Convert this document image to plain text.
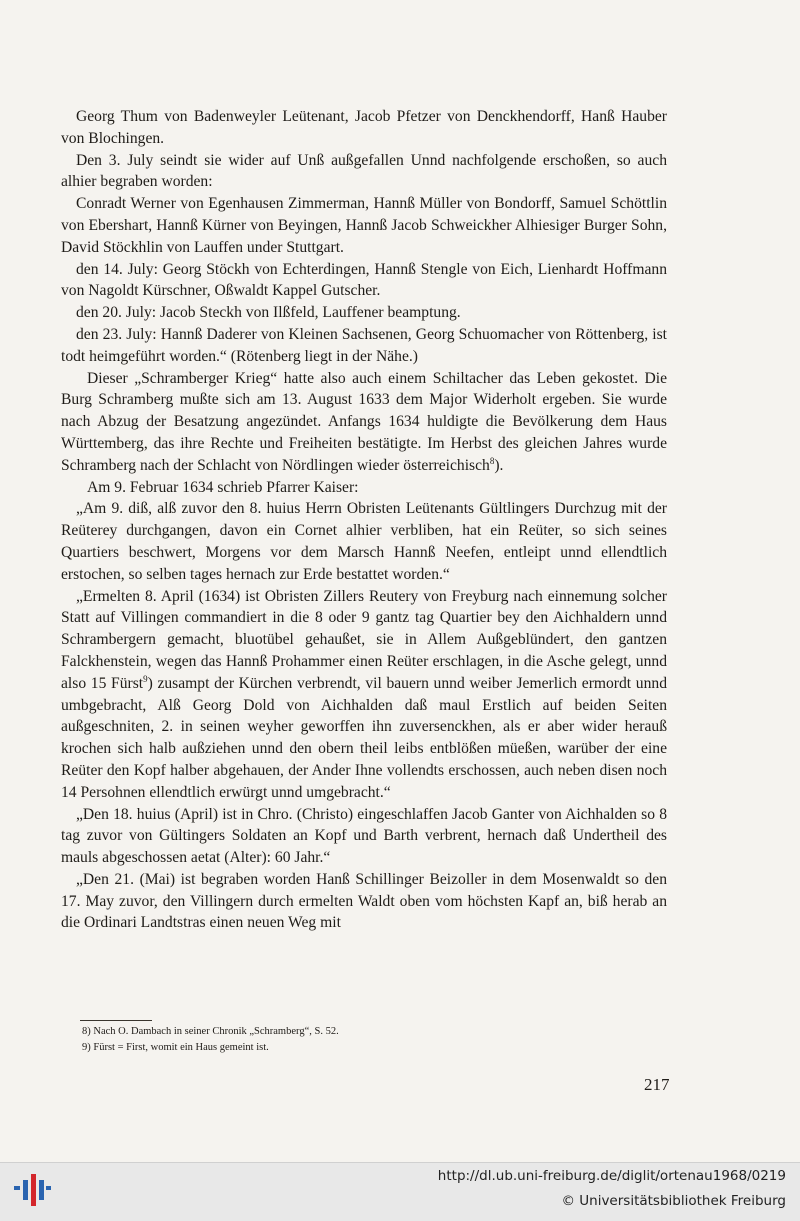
Georg Thum von Badenweyler Leütenant, Jacob Pfetzer von Denckhendorff, Hanß Hauber von Blochingen.

Den 3. July seindt sie wider auf Unß außgefallen Unnd nachfolgende erschoßen, so auch alhier begraben worden:

Conradt Werner von Egenhausen Zimmerman, Hannß Müller von Bondorff, Samuel Schöttlin von Ebershart, Hannß Kürner von Beyingen, Hannß Jacob Schweickher Alhiesiger Burger Sohn, David Stöckhlin von Lauffen under Stuttgart.

den 14. July: Georg Stöckh von Echterdingen, Hannß Stengle von Eich, Lienhardt Hoffmann von Nagoldt Kürschner, Oßwaldt Kappel Gutscher.

den 20. July: Jacob Steckh von Ilßfeld, Lauffener beamptung.

den 23. July: Hannß Daderer von Kleinen Sachsenen, Georg Schuomacher von Röttenberg, ist todt heimgeführt worden.“ (Rötenberg liegt in der Nähe.)

Dieser „Schramberger Krieg“ hatte also auch einem Schiltacher das Leben gekostet. Die Burg Schramberg mußte sich am 13. August 1633 dem Major Widerholt ergeben. Sie wurde nach Abzug der Besatzung angezündet. Anfangs 1634 huldigte die Bevölkerung dem Haus Württemberg, das ihre Rechte und Freiheiten bestätigte. Im Herbst des gleichen Jahres wurde Schramberg nach der Schlacht von Nördlingen wieder österreichisch$^8$).

Am 9. Februar 1634 schrieb Pfarrer Kaiser:

„Am 9. diß, alß zuvor den 8. huius Herrn Obristen Leütenants Gültlingers Durchzug mit der Reüterey durchgangen, davon ein Cornet alhier verbliben, hat ein Reüter, so sich seines Quartiers beschwert, Morgens vor dem Marsch Hannß Neefen, entleipt unnd ellendtlich erstochen, so selben tages hernach zur Erde bestattet worden.“

„Ermelten 8. April (1634) ist Obristen Zillers Reutery von Freyburg nach einnemung solcher Statt auf Villingen commandiert in die 8 oder 9 gantz tag Quartier bey den Aichhaldern unnd Schrambergern gemacht, bluotübel gehaußet, sie in Allem Außgeblündert, den gantzen Falckhenstein, wegen das Hannß Prohammer einen Reüter erschlagen, in die Asche gelegt, unnd also 15 Fürst$^9$) zusampt der Kürchen verbrendt, vil bauern unnd weiber Jemerlich ermordt unnd umbgebracht, Alß Georg Dold von Aichhalden daß maul Erstlich auf beiden Seiten außgeschniten, 2. in seinen weyher geworffen ihn zuversenckhen, als er aber wider herauß krochen sich halb außziehen unnd den obern theil leibs entblößen müeßen, warüber der eine Reüter den Kopf halber abgehauen, der Ander Ihne vollendts erschossen, auch neben disen noch 14 Persohnen ellendtlich erwürgt unnd umgebracht.“

„Den 18. huius (April) ist in Chro. (Christo) eingeschlaffen Jacob Ganter von Aichhalden so 8 tag zuvor von Gültingers Soldaten an Kopf und Barth verbrent, hernach daß Undertheil des mauls abgeschossen aetat (Alter): 60 Jahr.“

„Den 21. (Mai) ist begraben worden Hanß Schillinger Beizoller in dem Mosenwaldt so den 17. May zuvor, den Villingern durch ermelten Waldt oben vom höchsten Kapf an, biß herab an die Ordinari Landtstras einen neuen Weg mit

8) Nach O. Dambach in seiner Chronik „Schramberg“, S. 52.

9) Fürst = First, womit ein Haus gemeint ist.

217
http://dl.ub.uni-freiburg.de/diglit/ortenau1968/0219
© Universitätsbibliothek Freiburg
